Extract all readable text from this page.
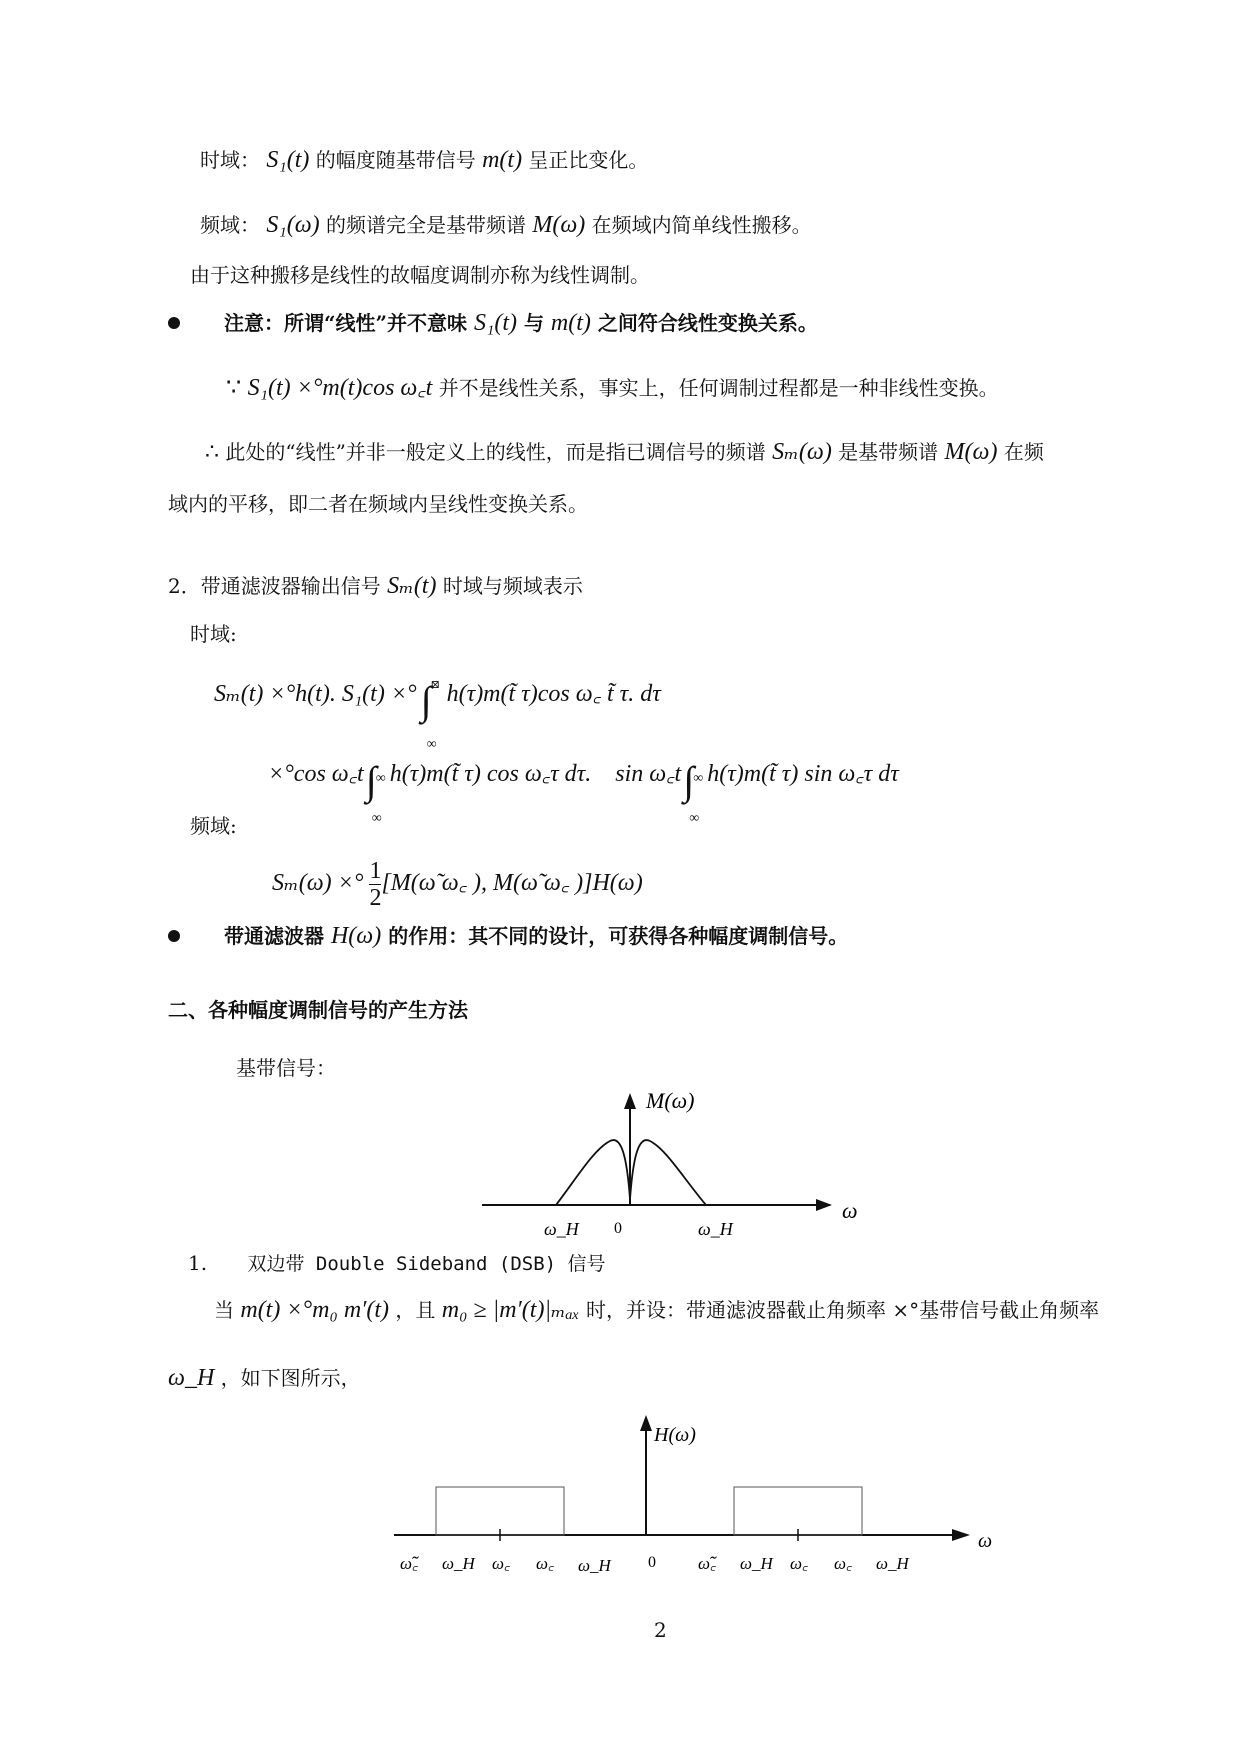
时域： S₁(t) 的幅度随基带信号 m(t) 呈正比变化。
频域： S₁(ω) 的频谱完全是基带频谱 M(ω) 在频域内简单线性搬移。
由于这种搬移是线性的故幅度调制亦称为线性调制。
注意：所谓“线性”并不意味 S₁(t) 与 m(t) 之间符合线性变换关系。
∵ S₁(t) ×°m(t)cos ω꜀t 并不是线性关系，事实上，任何调制过程都是一种非线性变换。
∴ 此处的“线性”并非一般定义上的线性，而是指已调信号的频谱 Sₘ(ω) 是基带频谱 M(ω) 在频
域内的平移，即二者在频域内呈线性变换关系。
2．带通滤波器输出信号 Sₘ(t) 时域与频域表示
时域:
Sₘ(t) ×°h(t). S₁(t) ×° ∫ ⊠
∞
h(τ)m(t̃ τ)cos ω꜀ t̃ τ. dτ
×°cos ω꜀t ∫ ∞
∞
h(τ)m(t̃ τ) cos ω꜀τ dτ. sin ω꜀t ∫ ∞
∞
h(τ)m(t̃ τ) sin ω꜀τ dτ
频域:
Sₘ(ω) ×° $\frac{1}{2}$ [M(ω̃ ω꜀ ), M(ω̃ ω꜀ )]H(ω)
带通滤波器 H(ω) 的作用：其不同的设计，可获得各种幅度调制信号。
二、各种幅度调制信号的产生方法
基带信号：
M(ω)
ω
ω_H 0	ω_H
1. 双边带 Double Sideband (DSB) 信号
当 m(t) ×°m₀ m′(t) ，且 m₀ ≥ |m′(t)|ₘₐₓ 时，并设：带通滤波器截止角频率 ×°基带信号截止角频率
ω_H ，如下图所示，
H(ω)
ω
0
ω꜀̃ ω_H ω꜀ ω꜀ ω_H	ω꜀̃ ω_H ω꜀ ω꜀ ω_H
2
